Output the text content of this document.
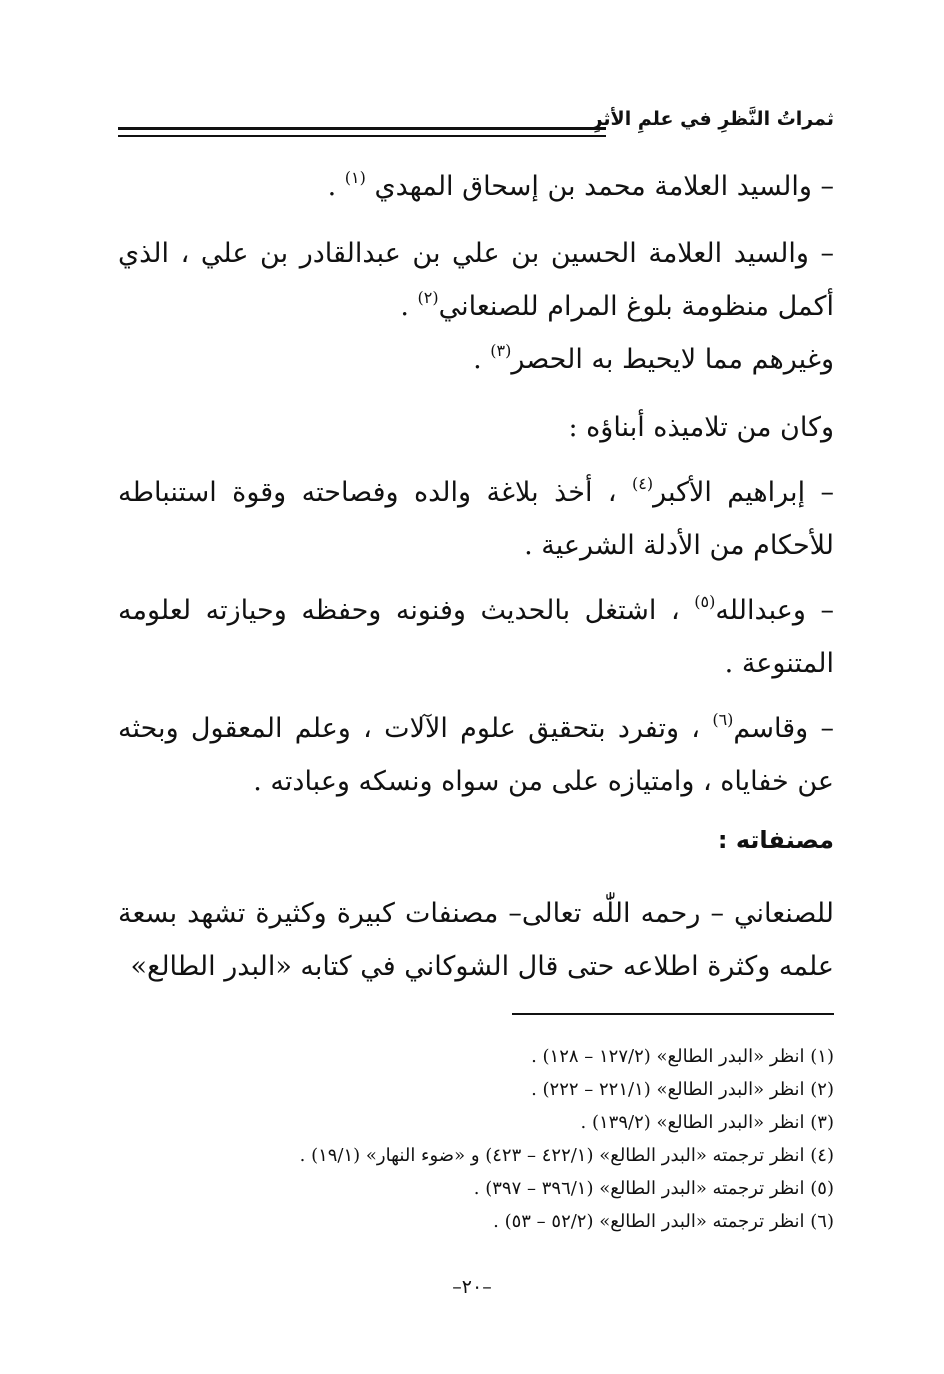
ثمراتُ النَّظرِ في علمِ الأثرِ

– والسيد العلامة محمد بن إسحاق المهدي $^{(١)}$ .

– والسيد العلامة الحسين بن علي بن عبدالقادر بن علي ، الذي أكمل منظومة بلوغ المرام للصنعاني$^{(٢)}$ .

وغيرهم مما لايحيط به الحصر$^{(٣)}$ .

وكان من تلاميذه أبناؤه :

– إبراهيم الأكبر$^{(٤)}$ ، أخذ بلاغة والده وفصاحته وقوة استنباطه للأحكام من الأدلة الشرعية .

– وعبدالله$^{(٥)}$ ، اشتغل بالحديث وفنونه وحفظه وحيازته لعلومه المتنوعة .

– وقاسم$^{(٦)}$ ، وتفرد بتحقيق علوم الآلات ، وعلم المعقول وبحثه عن خفاياه ، وامتيازه على من سواه ونسكه وعبادته .

مصنفاته :

للصنعاني – رحمه اللّٰه تعالى– مصنفات كبيرة وكثيرة تشهد بسعة علمه وكثرة اطلاعه حتى قال الشوكاني في كتابه «البدر الطالع»

(١) انظر «البدر الطالع» (١٢٧/٢ – ١٢٨) .
(٢) انظر «البدر الطالع» (٢٢١/١ – ٢٢٢) .
(٣) انظر «البدر الطالع» (١٣٩/٢) .
(٤) انظر ترجمته «البدر الطالع» (٤٢٢/١ – ٤٢٣) و «ضوء النهار» (١٩/١) .
(٥) انظر ترجمته «البدر الطالع» (٣٩٦/١ – ٣٩٧) .
(٦) انظر ترجمته «البدر الطالع» (٥٢/٢ – ٥٣) .
–٢٠–
